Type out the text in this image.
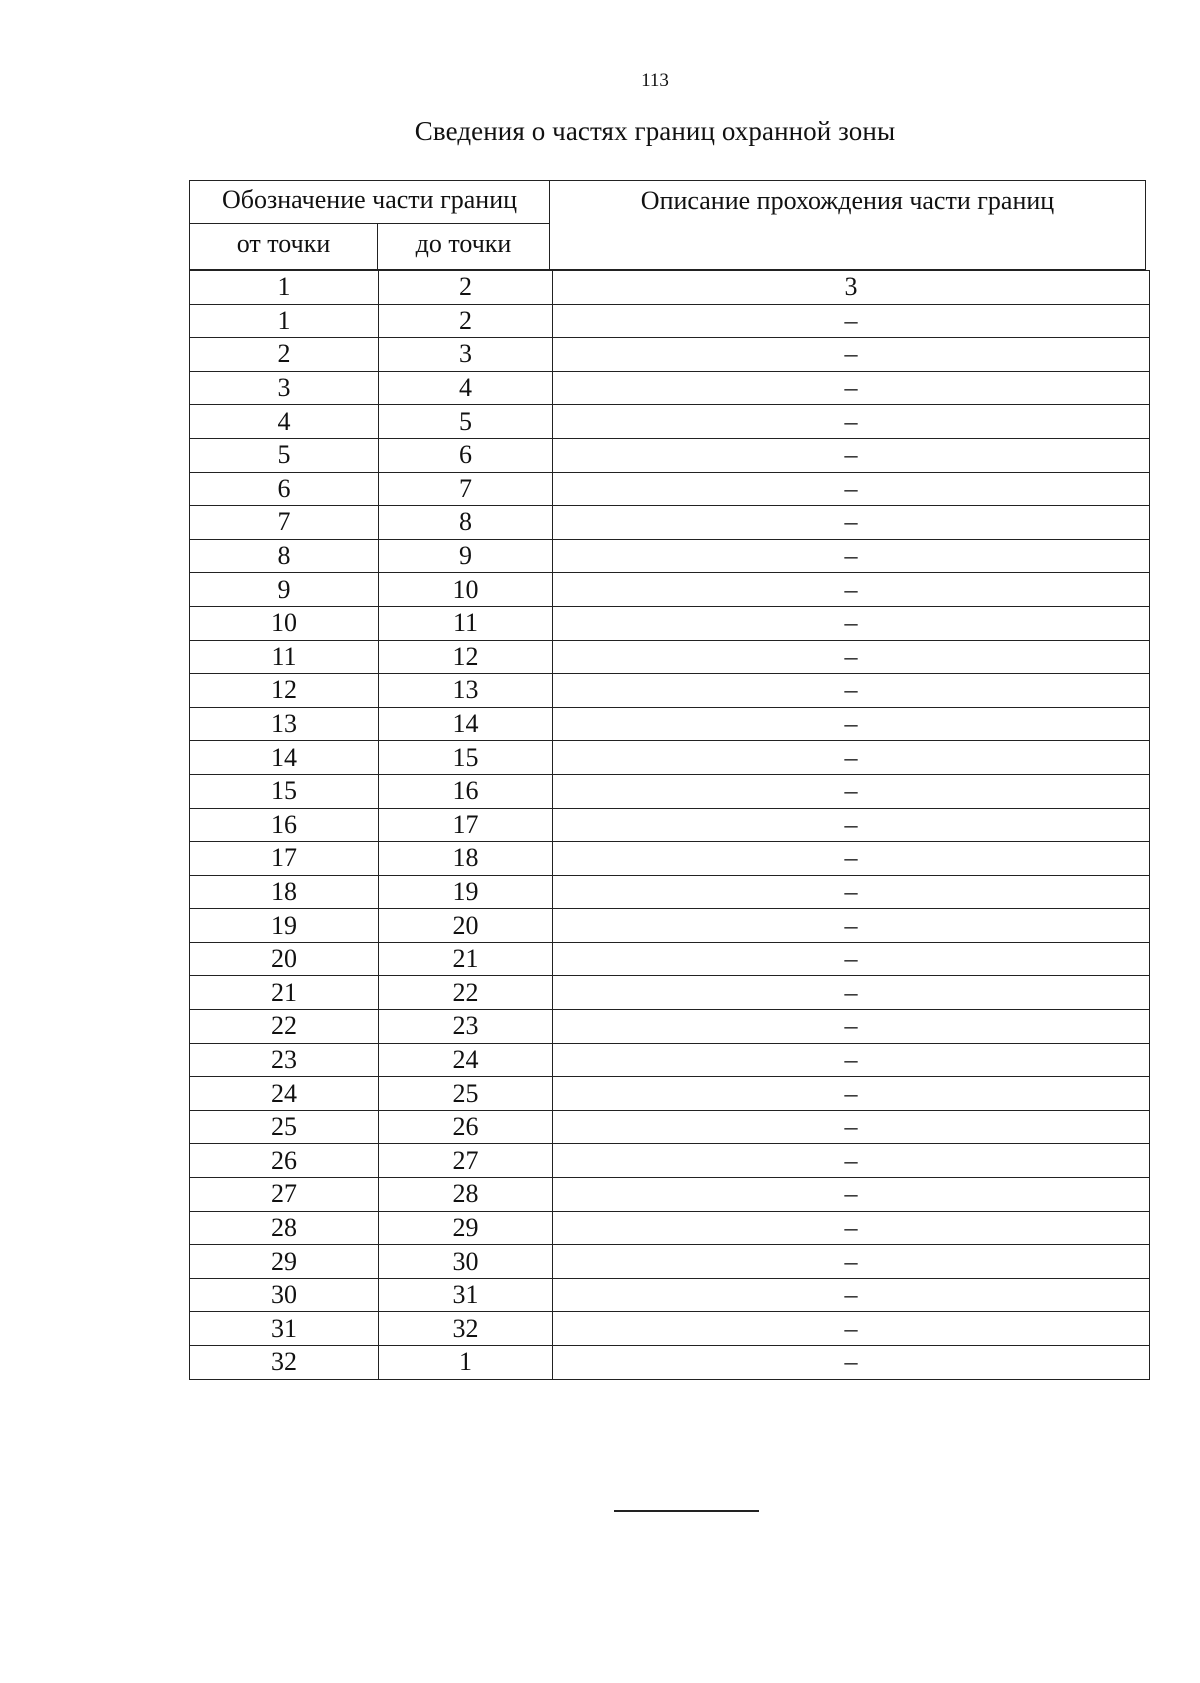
113
Сведения о частях границ охранной зоны
Обозначение части границ		Описание прохождения части границ
от точки	до точки	
1	2	3
1	2	–
2	3	–
3	4	–
4	5	–
5	6	–
6	7	–
7	8	–
8	9	–
9	10	–
10	11	–
11	12	–
12	13	–
13	14	–
14	15	–
15	16	–
16	17	–
17	18	–
18	19	–
19	20	–
20	21	–
21	22	–
22	23	–
23	24	–
24	25	–
25	26	–
26	27	–
27	28	–
28	29	–
29	30	–
30	31	–
31	32	–
32	1	–
